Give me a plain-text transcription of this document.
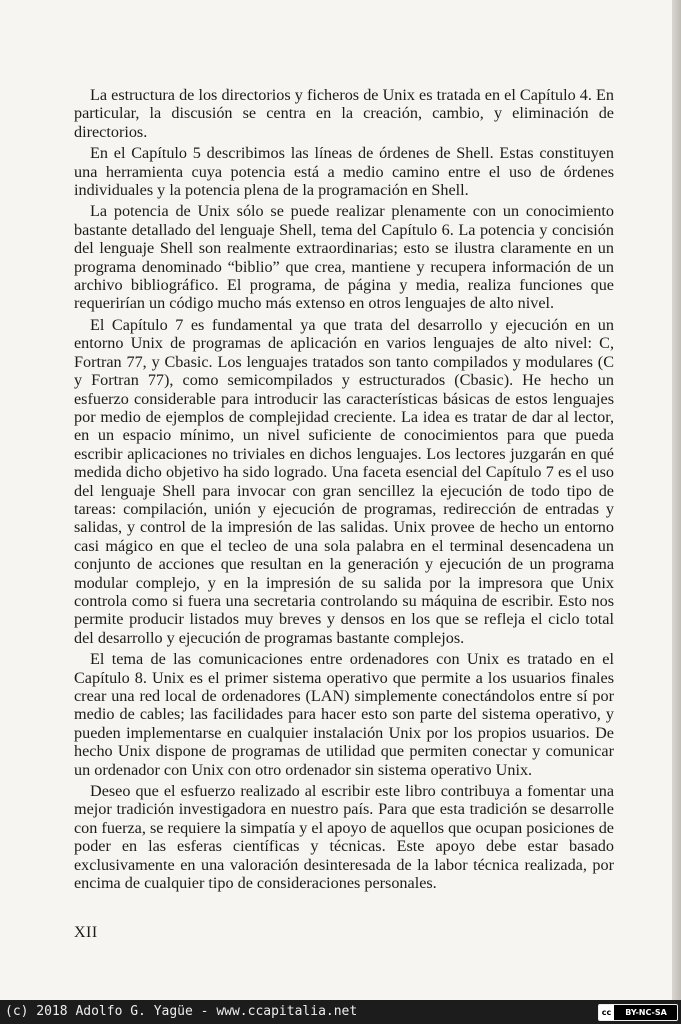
La estructura de los directorios y ficheros de Unix es tratada en el Capítulo 4. En particular, la discusión se centra en la creación, cambio, y eliminación de directorios.

En el Capítulo 5 describimos las líneas de órdenes de Shell. Estas constituyen una herramienta cuya potencia está a medio camino entre el uso de órdenes individuales y la potencia plena de la programación en Shell.

La potencia de Unix sólo se puede realizar plenamente con un conocimiento bastante detallado del lenguaje Shell, tema del Capítulo 6. La potencia y concisión del lenguaje Shell son realmente extraordinarias; esto se ilustra claramente en un programa denominado “biblio” que crea, mantiene y recupera información de un archivo bibliográfico. El programa, de página y media, realiza funciones que requerirían un código mucho más extenso en otros lenguajes de alto nivel.

El Capítulo 7 es fundamental ya que trata del desarrollo y ejecución en un entorno Unix de programas de aplicación en varios lenguajes de alto nivel: C, Fortran 77, y Cbasic. Los lenguajes tratados son tanto compilados y modulares (C y Fortran 77), como semicompilados y estructurados (Cbasic). He hecho un esfuerzo considerable para introducir las características básicas de estos lenguajes por medio de ejemplos de complejidad creciente. La idea es tratar de dar al lector, en un espacio mínimo, un nivel suficiente de conocimientos para que pueda escribir aplicaciones no triviales en dichos lenguajes. Los lectores juzgarán en qué medida dicho objetivo ha sido logrado. Una faceta esencial del Capítulo 7 es el uso del lenguaje Shell para invocar con gran sencillez la ejecución de todo tipo de tareas: compilación, unión y ejecución de programas, redirección de entradas y salidas, y control de la impresión de las salidas. Unix provee de hecho un entorno casi mágico en que el tecleo de una sola palabra en el terminal desencadena un conjunto de acciones que resultan en la generación y ejecución de un programa modular complejo, y en la impresión de su salida por la impresora que Unix controla como si fuera una secretaria controlando su máquina de escribir. Esto nos permite producir listados muy breves y densos en los que se refleja el ciclo total del desarrollo y ejecución de programas bastante complejos.

El tema de las comunicaciones entre ordenadores con Unix es tratado en el Capítulo 8. Unix es el primer sistema operativo que permite a los usuarios finales crear una red local de ordenadores (LAN) simplemente conectándolos entre sí por medio de cables; las facilidades para hacer esto son parte del sistema operativo, y pueden implementarse en cualquier instalación Unix por los propios usuarios. De hecho Unix dispone de programas de utilidad que permiten conectar y comunicar un ordenador con Unix con otro ordenador sin sistema operativo Unix.

Deseo que el esfuerzo realizado al escribir este libro contribuya a fomentar una mejor tradición investigadora en nuestro país. Para que esta tradición se desarrolle con fuerza, se requiere la simpatía y el apoyo de aquellos que ocupan posiciones de poder en las esferas científicas y técnicas. Este apoyo debe estar basado exclusivamente en una valoración desinteresada de la labor técnica realizada, por encima de cualquier tipo de consideraciones personales.

XII
(c) 2018 Adolfo G. Yagüe - www.ccapitalia.net	cc	BY-NC-SA
